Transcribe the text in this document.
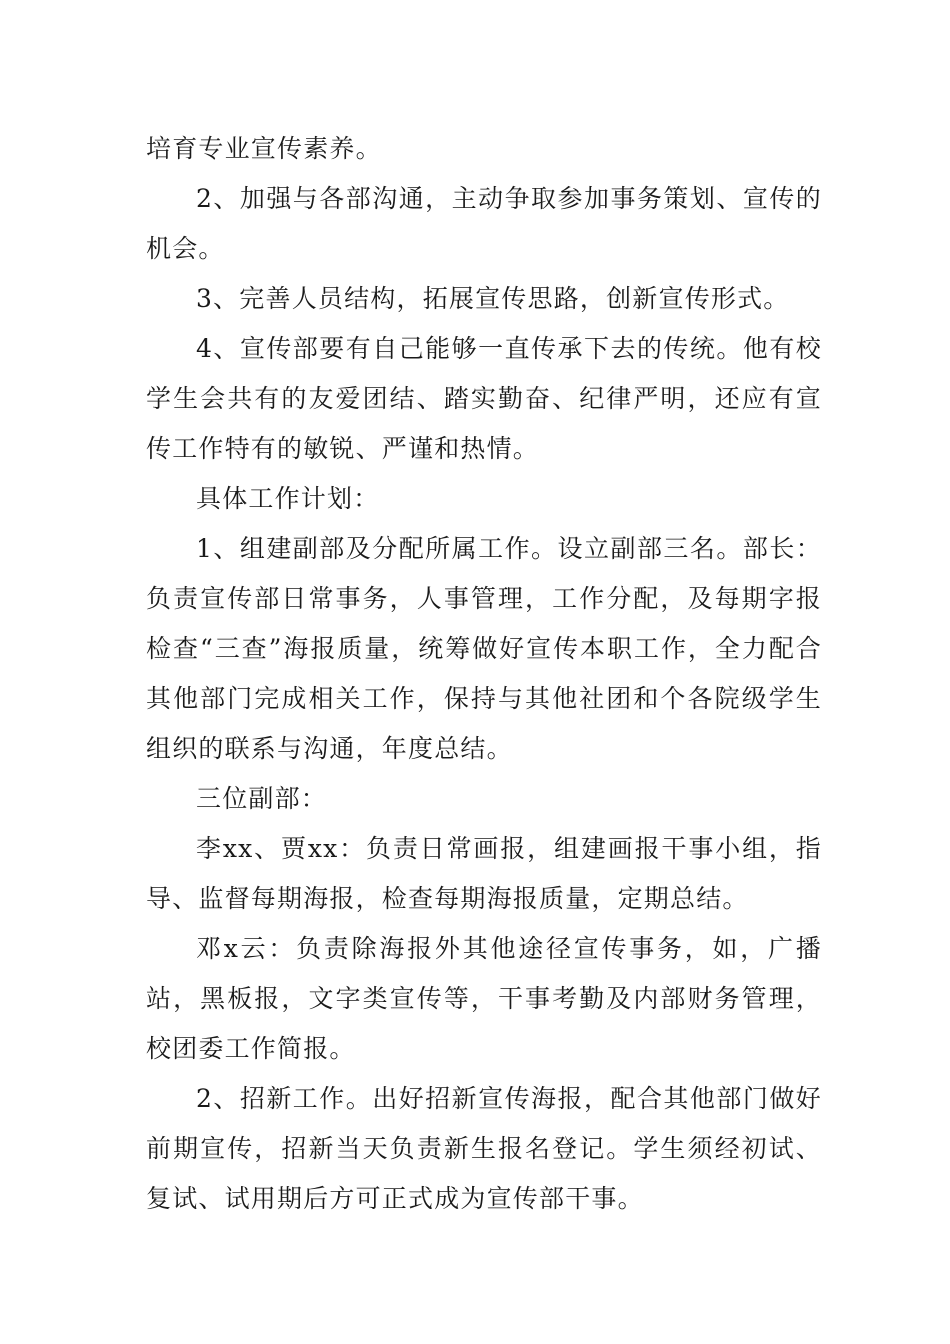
培育专业宣传素养。

2、加强与各部沟通，主动争取参加事务策划、宣传的机会。

3、完善人员结构，拓展宣传思路，创新宣传形式。

4、宣传部要有自己能够一直传承下去的传统。他有校学生会共有的友爱团结、踏实勤奋、纪律严明，还应有宣传工作特有的敏锐、严谨和热情。

具体工作计划：

1、组建副部及分配所属工作。设立副部三名。部长：负责宣传部日常事务，人事管理，工作分配，及每期字报检查“三查”海报质量，统筹做好宣传本职工作，全力配合其他部门完成相关工作，保持与其他社团和个各院级学生组织的联系与沟通，年度总结。

三位副部：

李xx、贾xx：负责日常画报，组建画报干事小组，指导、监督每期海报，检查每期海报质量，定期总结。

邓x云：负责除海报外其他途径宣传事务，如，广播站，黑板报，文字类宣传等，干事考勤及内部财务管理，校团委工作简报。

2、招新工作。出好招新宣传海报，配合其他部门做好前期宣传，招新当天负责新生报名登记。学生须经初试、复试、试用期后方可正式成为宣传部干事。
